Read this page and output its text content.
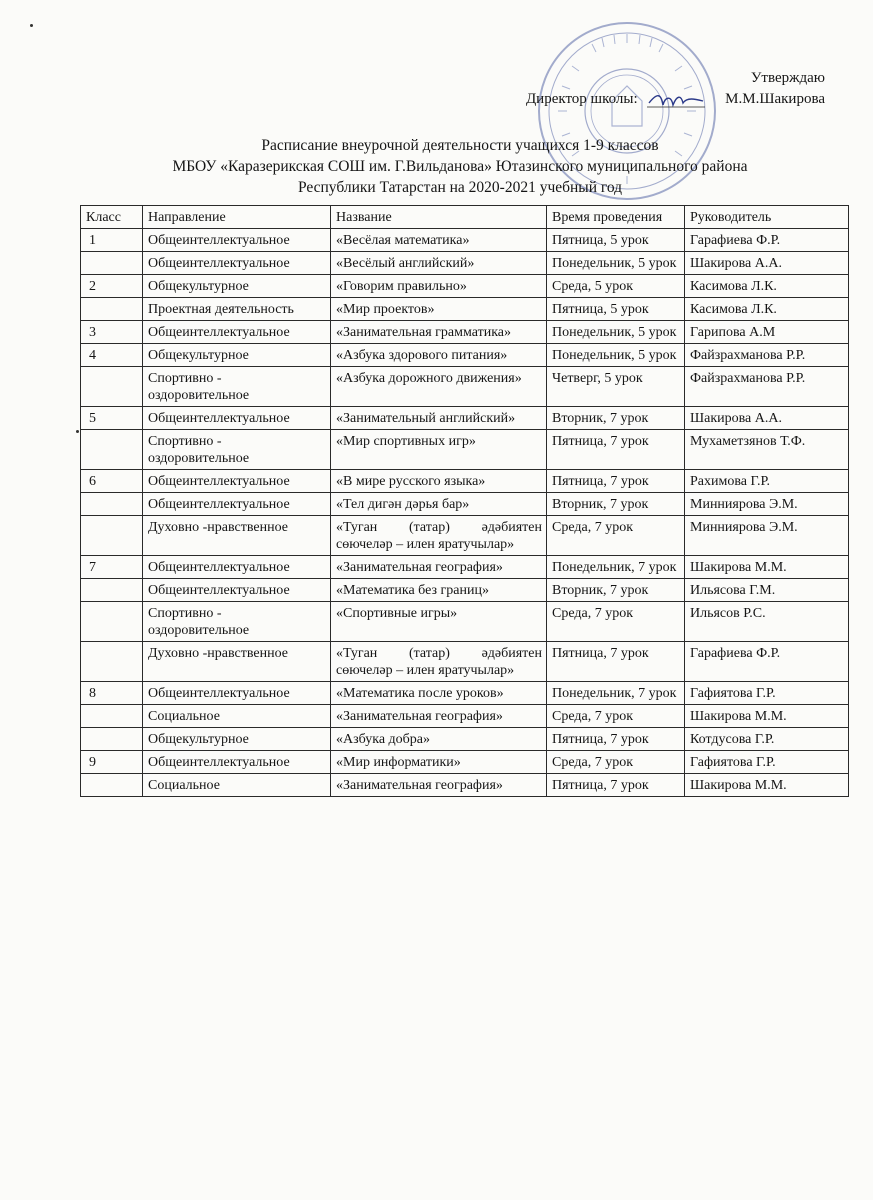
Утверждаю
Директор школы:	М.М.Шакирова
Расписание внеурочной деятельности учащихся 1-9 классов
МБОУ «Каразерикская СОШ им. Г.Вильданова» Ютазинского муниципального района
Республики Татарстан на 2020-2021 учебный год
Класс	Направление	Название	Время проведения	Руководитель
1	Общеинтеллектуальное	«Весёлая математика»	Пятница, 5 урок	Гарафиева Ф.Р.
	Общеинтеллектуальное	«Весёлый английский»	Понедельник, 5 урок	Шакирова А.А.
2	Общекультурное	«Говорим правильно»	Среда, 5 урок	Касимова Л.К.
	Проектная деятельность	«Мир проектов»	Пятница, 5 урок	Касимова Л.К.
3	Общеинтеллектуальное	«Занимательная грамматика»	Понедельник, 5 урок	Гарипова А.М
4	Общекультурное	«Азбука здорового питания»	Понедельник, 5 урок	Файзрахманова Р.Р.
	Спортивно - оздоровительное	«Азбука дорожного движения»	Четверг, 5 урок	Файзрахманова Р.Р.
5	Общеинтеллектуальное	«Занимательный английский»	Вторник, 7 урок	Шакирова А.А.
	Спортивно - оздоровительное	«Мир спортивных игр»	Пятница, 7 урок	Мухаметзянов Т.Ф.
6	Общеинтеллектуальное	«В мире русского языка»	Пятница, 7 урок	Рахимова Г.Р.
	Общеинтеллектуальное	«Тел дигән дәрья бар»	Вторник, 7 урок	Минниярова Э.М.
	Духовно -нравственное	«Туган (татар) әдәбиятен сөючеләр – илен яратучылар»	Среда, 7 урок	Минниярова Э.М.
7	Общеинтеллектуальное	«Занимательная география»	Понедельник, 7 урок	Шакирова М.М.
	Общеинтеллектуальное	«Математика без границ»	Вторник, 7 урок	Ильясова Г.М.
	Спортивно - оздоровительное	«Спортивные игры»	Среда, 7 урок	Ильясов Р.С.
	Духовно -нравственное	«Туган (татар) әдәбиятен сөючеләр – илен яратучылар»	Пятница, 7 урок	Гарафиева Ф.Р.
8	Общеинтеллектуальное	«Математика после уроков»	Понедельник, 7 урок	Гафиятова Г.Р.
	Социальное	«Занимательная география»	Среда, 7 урок	Шакирова М.М.
	Общекультурное	«Азбука добра»	Пятница, 7 урок	Котдусова Г.Р.
9	Общеинтеллектуальное	«Мир информатики»	Среда, 7 урок	Гафиятова Г.Р.
	Социальное	«Занимательная география»	Пятница, 7 урок	Шакирова М.М.
